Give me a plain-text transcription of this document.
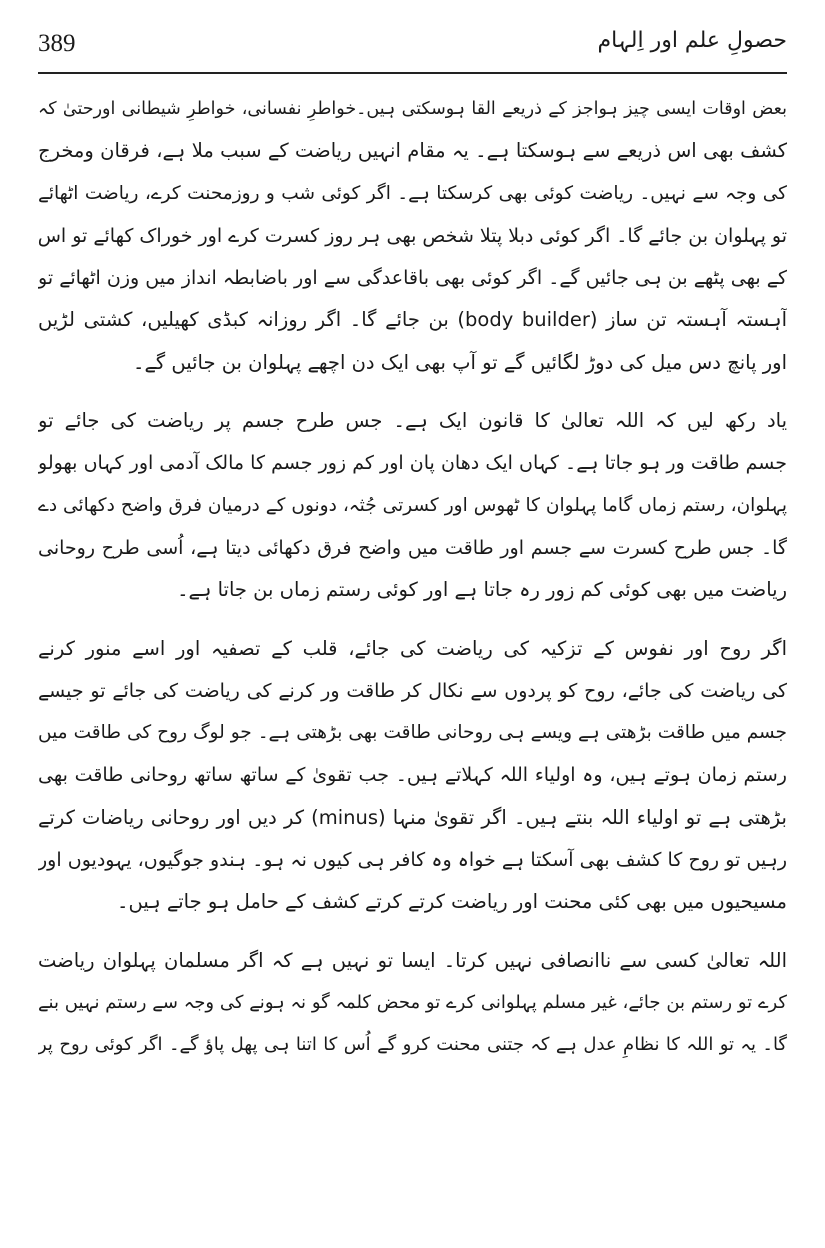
389	حصولِ علم اور اِلہام
بعض اوقات ایسی چیز ہواجز کے ذریعے القا ہوسکتی ہیں۔خواطرِ نفسانی، خواطرِ شیطانی اورحتیٰ کہ
کشف بھی اس ذریعے سے ہوسکتا ہے۔ یہ مقام انہیں ریاضت کے سبب ملا ہے، فرقان ومخرج
کی وجہ سے نہیں۔ ریاضت کوئی بھی کرسکتا ہے۔ اگر کوئی شب و روزمحنت کرے، ریاضت اٹھائے
تو پہلوان بن جائے گا۔ اگر کوئی دبلا پتلا شخص بھی ہر روز کسرت کرے اور خوراک کھائے تو اس
کے بھی پٹھے بن ہی جائیں گے۔ اگر کوئی بھی باقاعدگی سے اور باضابطہ انداز میں وزن اٹھائے تو
آہستہ آہستہ تن ساز (body builder) بن جائے گا۔ اگر روزانہ کبڈی کھیلیں، کشتی لڑیں
اور پانچ دس میل کی دوڑ لگائیں گے تو آپ بھی ایک دن اچھے پہلوان بن جائیں گے۔
یاد رکھ لیں کہ اللہ تعالیٰ کا قانون ایک ہے۔ جس طرح جسم پر ریاضت کی جائے تو
جسم طاقت ور ہو جاتا ہے۔ کہاں ایک دھان پان اور کم زور جسم کا مالک آدمی اور کہاں بھولو
پہلوان، رستم زماں گاما پہلوان کا ٹھوس اور کسرتی جُثہ، دونوں کے درمیان فرق واضح دکھائی دے
گا۔ جس طرح کسرت سے جسم اور طاقت میں واضح فرق دکھائی دیتا ہے، اُسی طرح روحانی
ریاضت میں بھی کوئی کم زور رہ جاتا ہے اور کوئی رستم زماں بن جاتا ہے۔
اگر روح اور نفوس کے تزکیہ کی ریاضت کی جائے، قلب کے تصفیہ اور اسے منور کرنے
کی ریاضت کی جائے، روح کو پردوں سے نکال کر طاقت ور کرنے کی ریاضت کی جائے تو جیسے
جسم میں طاقت بڑھتی ہے ویسے ہی روحانی طاقت بھی بڑھتی ہے۔ جو لوگ روح کی طاقت میں
رستم زمان ہوتے ہیں، وہ اولیاء اللہ کہلاتے ہیں۔ جب تقویٰ کے ساتھ ساتھ روحانی طاقت بھی
بڑھتی ہے تو اولیاء اللہ بنتے ہیں۔ اگر تقویٰ منہا (minus) کر دیں اور روحانی ریاضات کرتے
رہیں تو روح کا کشف بھی آسکتا ہے خواہ وہ کافر ہی کیوں نہ ہو۔ ہندو جوگیوں، یہودیوں اور
مسیحیوں میں بھی کئی محنت اور ریاضت کرتے کرتے کشف کے حامل ہو جاتے ہیں۔
اللہ تعالیٰ کسی سے ناانصافی نہیں کرتا۔ ایسا تو نہیں ہے کہ اگر مسلمان پہلوان ریاضت
کرے تو رستم بن جائے، غیر مسلم پہلوانی کرے تو محض کلمہ گو نہ ہونے کی وجہ سے رستم نہیں بنے
گا۔ یہ تو اللہ کا نظامِ عدل ہے کہ جتنی محنت کرو گے اُس کا اتنا ہی پھل پاؤ گے۔ اگر کوئی روح پر
